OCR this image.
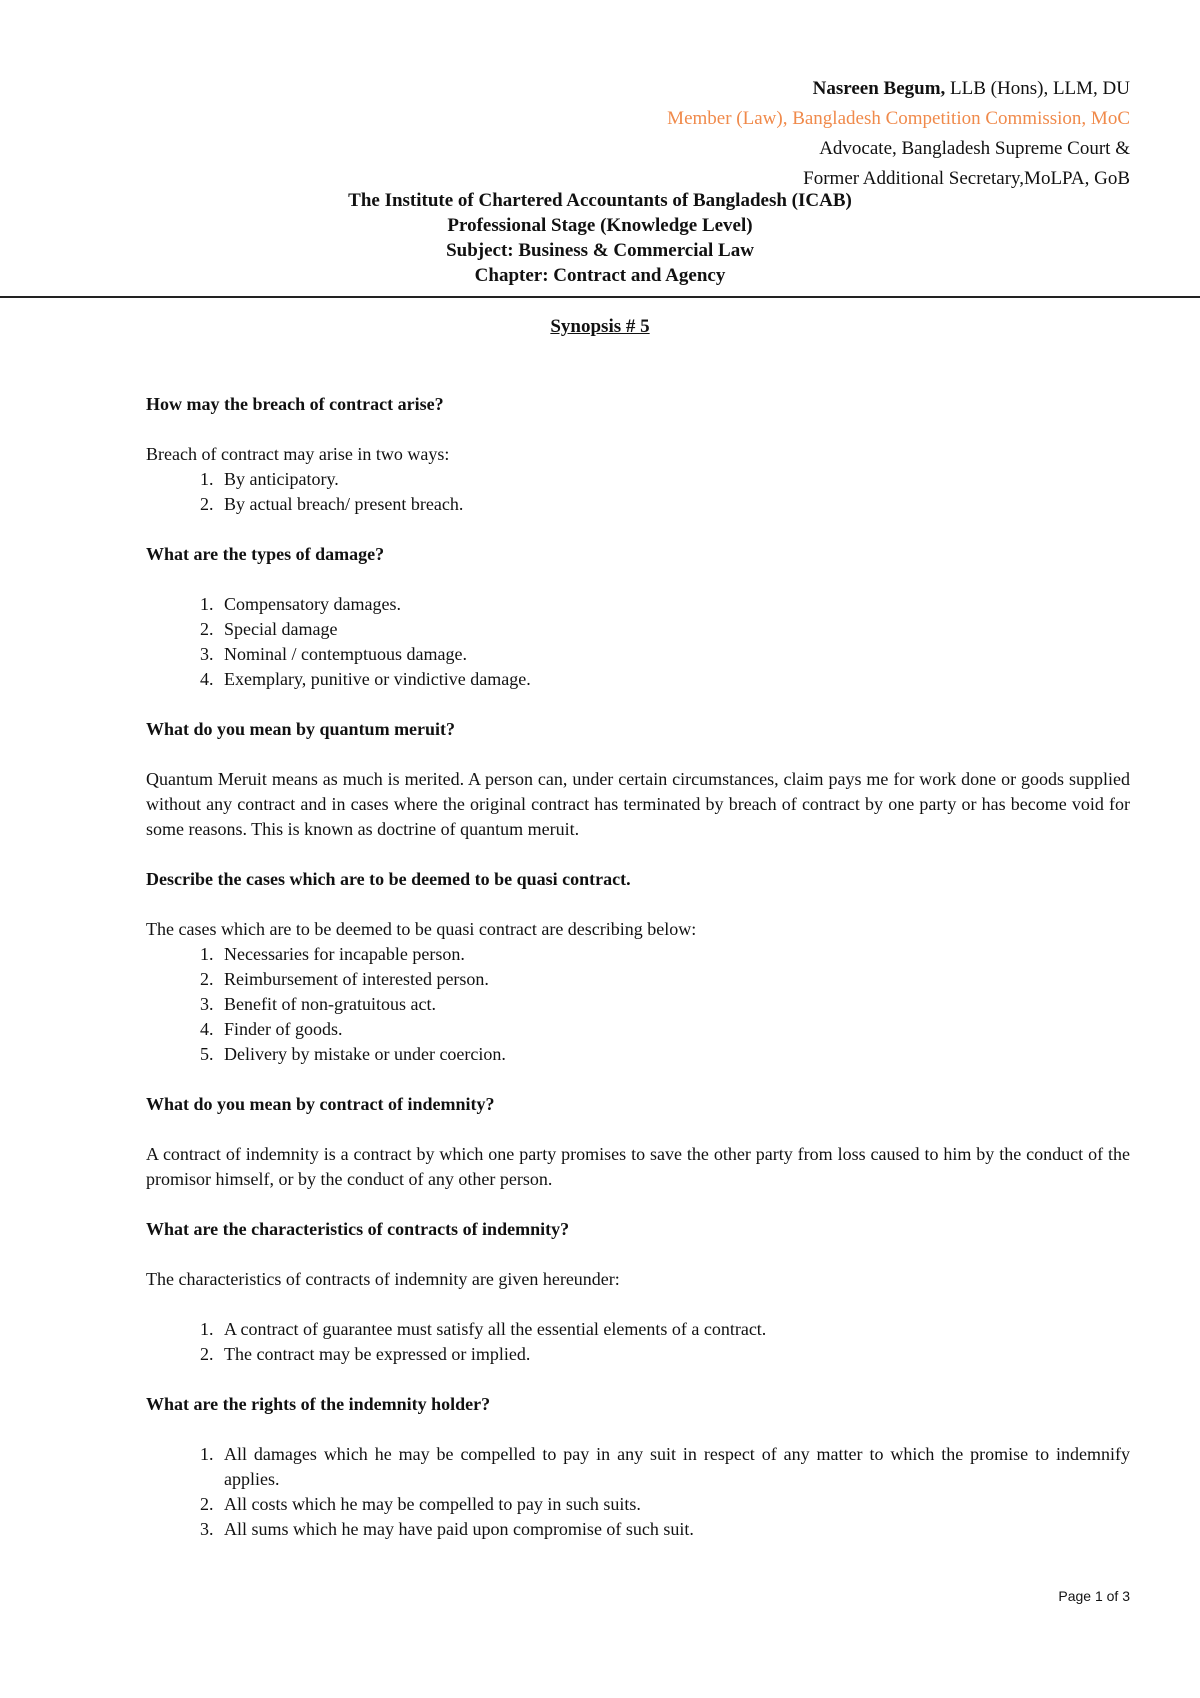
Nasreen Begum, LLB (Hons), LLM, DU
Member (Law), Bangladesh Competition Commission, MoC
Advocate, Bangladesh Supreme Court &
Former Additional Secretary,MoLPA, GoB
The Institute of Chartered Accountants of Bangladesh (ICAB)
Professional Stage (Knowledge Level)
Subject: Business & Commercial Law
Chapter: Contract and Agency
Synopsis # 5
How may the breach of contract arise?

Breach of contract may arise in two ways:

1. By anticipatory.
2. By actual breach/ present breach.
What are the types of damage?
1. Compensatory damages.
2. Special damage
3. Nominal / contemptuous damage.
4. Exemplary, punitive or vindictive damage.
What do you mean by quantum meruit?

Quantum Meruit means as much is merited. A person can, under certain circumstances, claim pays me for work done or goods supplied without any contract and in cases where the original contract has terminated by breach of contract by one party or has become void for some reasons. This is known as doctrine of quantum meruit.

Describe the cases which are to be deemed to be quasi contract.

The cases which are to be deemed to be quasi contract are describing below:

1. Necessaries for incapable person.
2. Reimbursement of interested person.
3. Benefit of non-gratuitous act.
4. Finder of goods.
5. Delivery by mistake or under coercion.
What do you mean by contract of indemnity?

A contract of indemnity is a contract by which one party promises to save the other party from loss caused to him by the conduct of the promisor himself, or by the conduct of any other person.

What are the characteristics of contracts of indemnity?

The characteristics of contracts of indemnity are given hereunder:

1. A contract of guarantee must satisfy all the essential elements of a contract.
2. The contract may be expressed or implied.
What are the rights of the indemnity holder?
1. All damages which he may be compelled to pay in any suit in respect of any matter to which the promise to indemnify applies.
2. All costs which he may be compelled to pay in such suits.
3. All sums which he may have paid upon compromise of such suit.
Page 1 of 3
